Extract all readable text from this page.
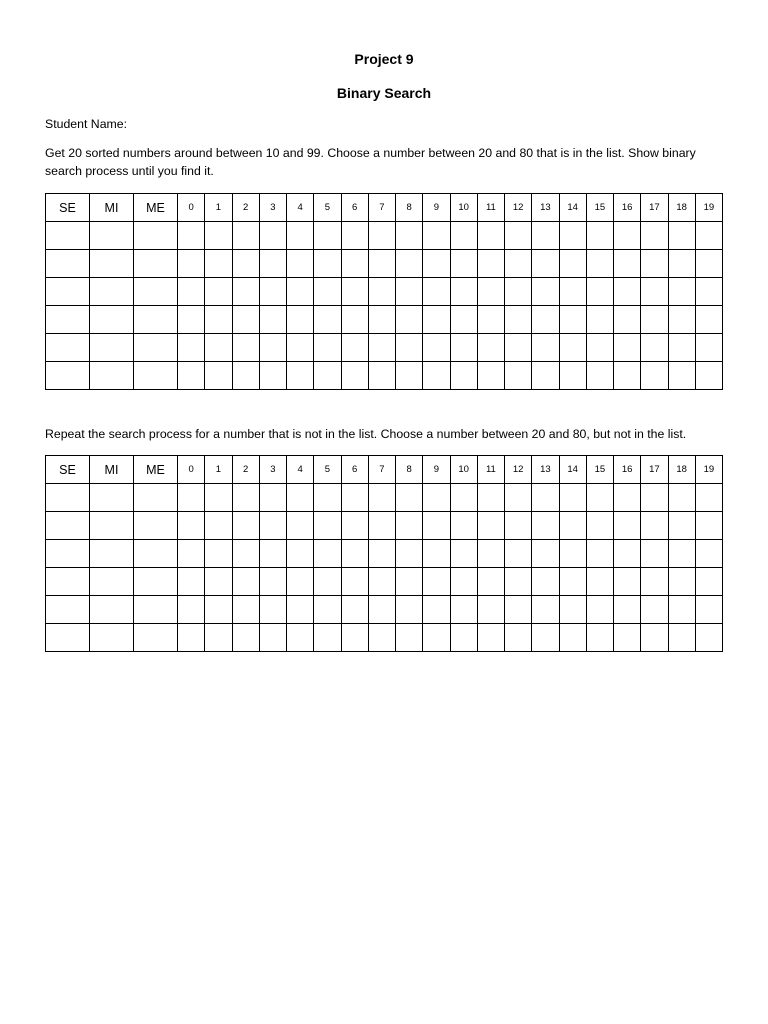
Project 9
Binary Search
Student Name:
Get 20 sorted numbers around between 10 and 99. Choose a number between 20 and 80 that is in the list. Show binary search process until you find it.
SE	MI	ME	0	1	2	3	4	5	6	7	8	9	10	11	12	13	14	15	16	17	18	19

Repeat the search process for a number that is not in the list. Choose a number between 20 and 80, but not in the list.
SE	MI	ME	0	1	2	3	4	5	6	7	8	9	10	11	12	13	14	15	16	17	18	19
